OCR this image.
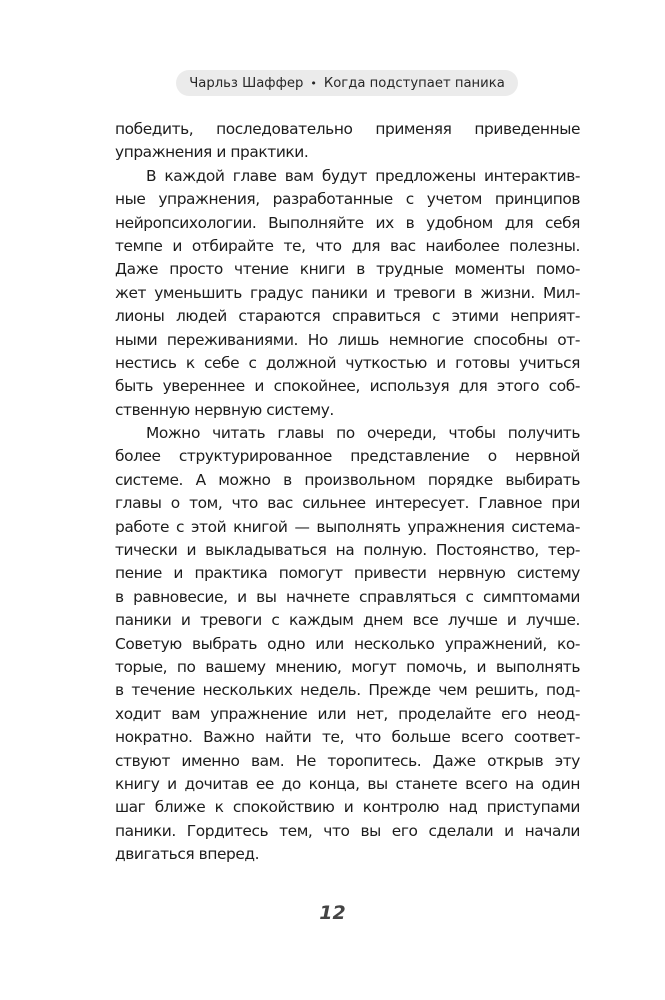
Чарльз Шаффер • Когда подступает паника
победить, последовательно применяя приведенные
упражнения и практики.
В каждой главе вам будут предложены интерактив-
ные упражнения, разработанные с учетом принципов
нейропсихологии. Выполняйте их в удобном для себя
темпе и отбирайте те, что для вас наиболее полезны.
Даже просто чтение книги в трудные моменты помо-
жет уменьшить градус паники и тревоги в жизни. Мил-
лионы людей стараются справиться с этими неприят-
ными переживаниями. Но лишь немногие способны от-
нестись к себе с должной чуткостью и готовы учиться
быть увереннее и спокойнее, используя для этого соб-
ственную нервную систему.
Можно читать главы по очереди, чтобы получить
более структурированное представление о нервной
системе. А можно в произвольном порядке выбирать
главы о том, что вас сильнее интересует. Главное при
работе с этой книгой — выполнять упражнения система-
тически и выкладываться на полную. Постоянство, тер-
пение и практика помогут привести нервную систему
в равновесие, и вы начнете справляться с симптомами
паники и тревоги с каждым днем все лучше и лучше.
Советую выбрать одно или несколько упражнений, ко-
торые, по вашему мнению, могут помочь, и выполнять
в течение нескольких недель. Прежде чем решить, под-
ходит вам упражнение или нет, проделайте его неод-
нократно. Важно найти те, что больше всего соответ-
ствуют именно вам. Не торопитесь. Даже открыв эту
книгу и дочитав ее до конца, вы станете всего на один
шаг ближе к спокойствию и контролю над приступами
паники. Гордитесь тем, что вы его сделали и начали
двигаться вперед.
12
